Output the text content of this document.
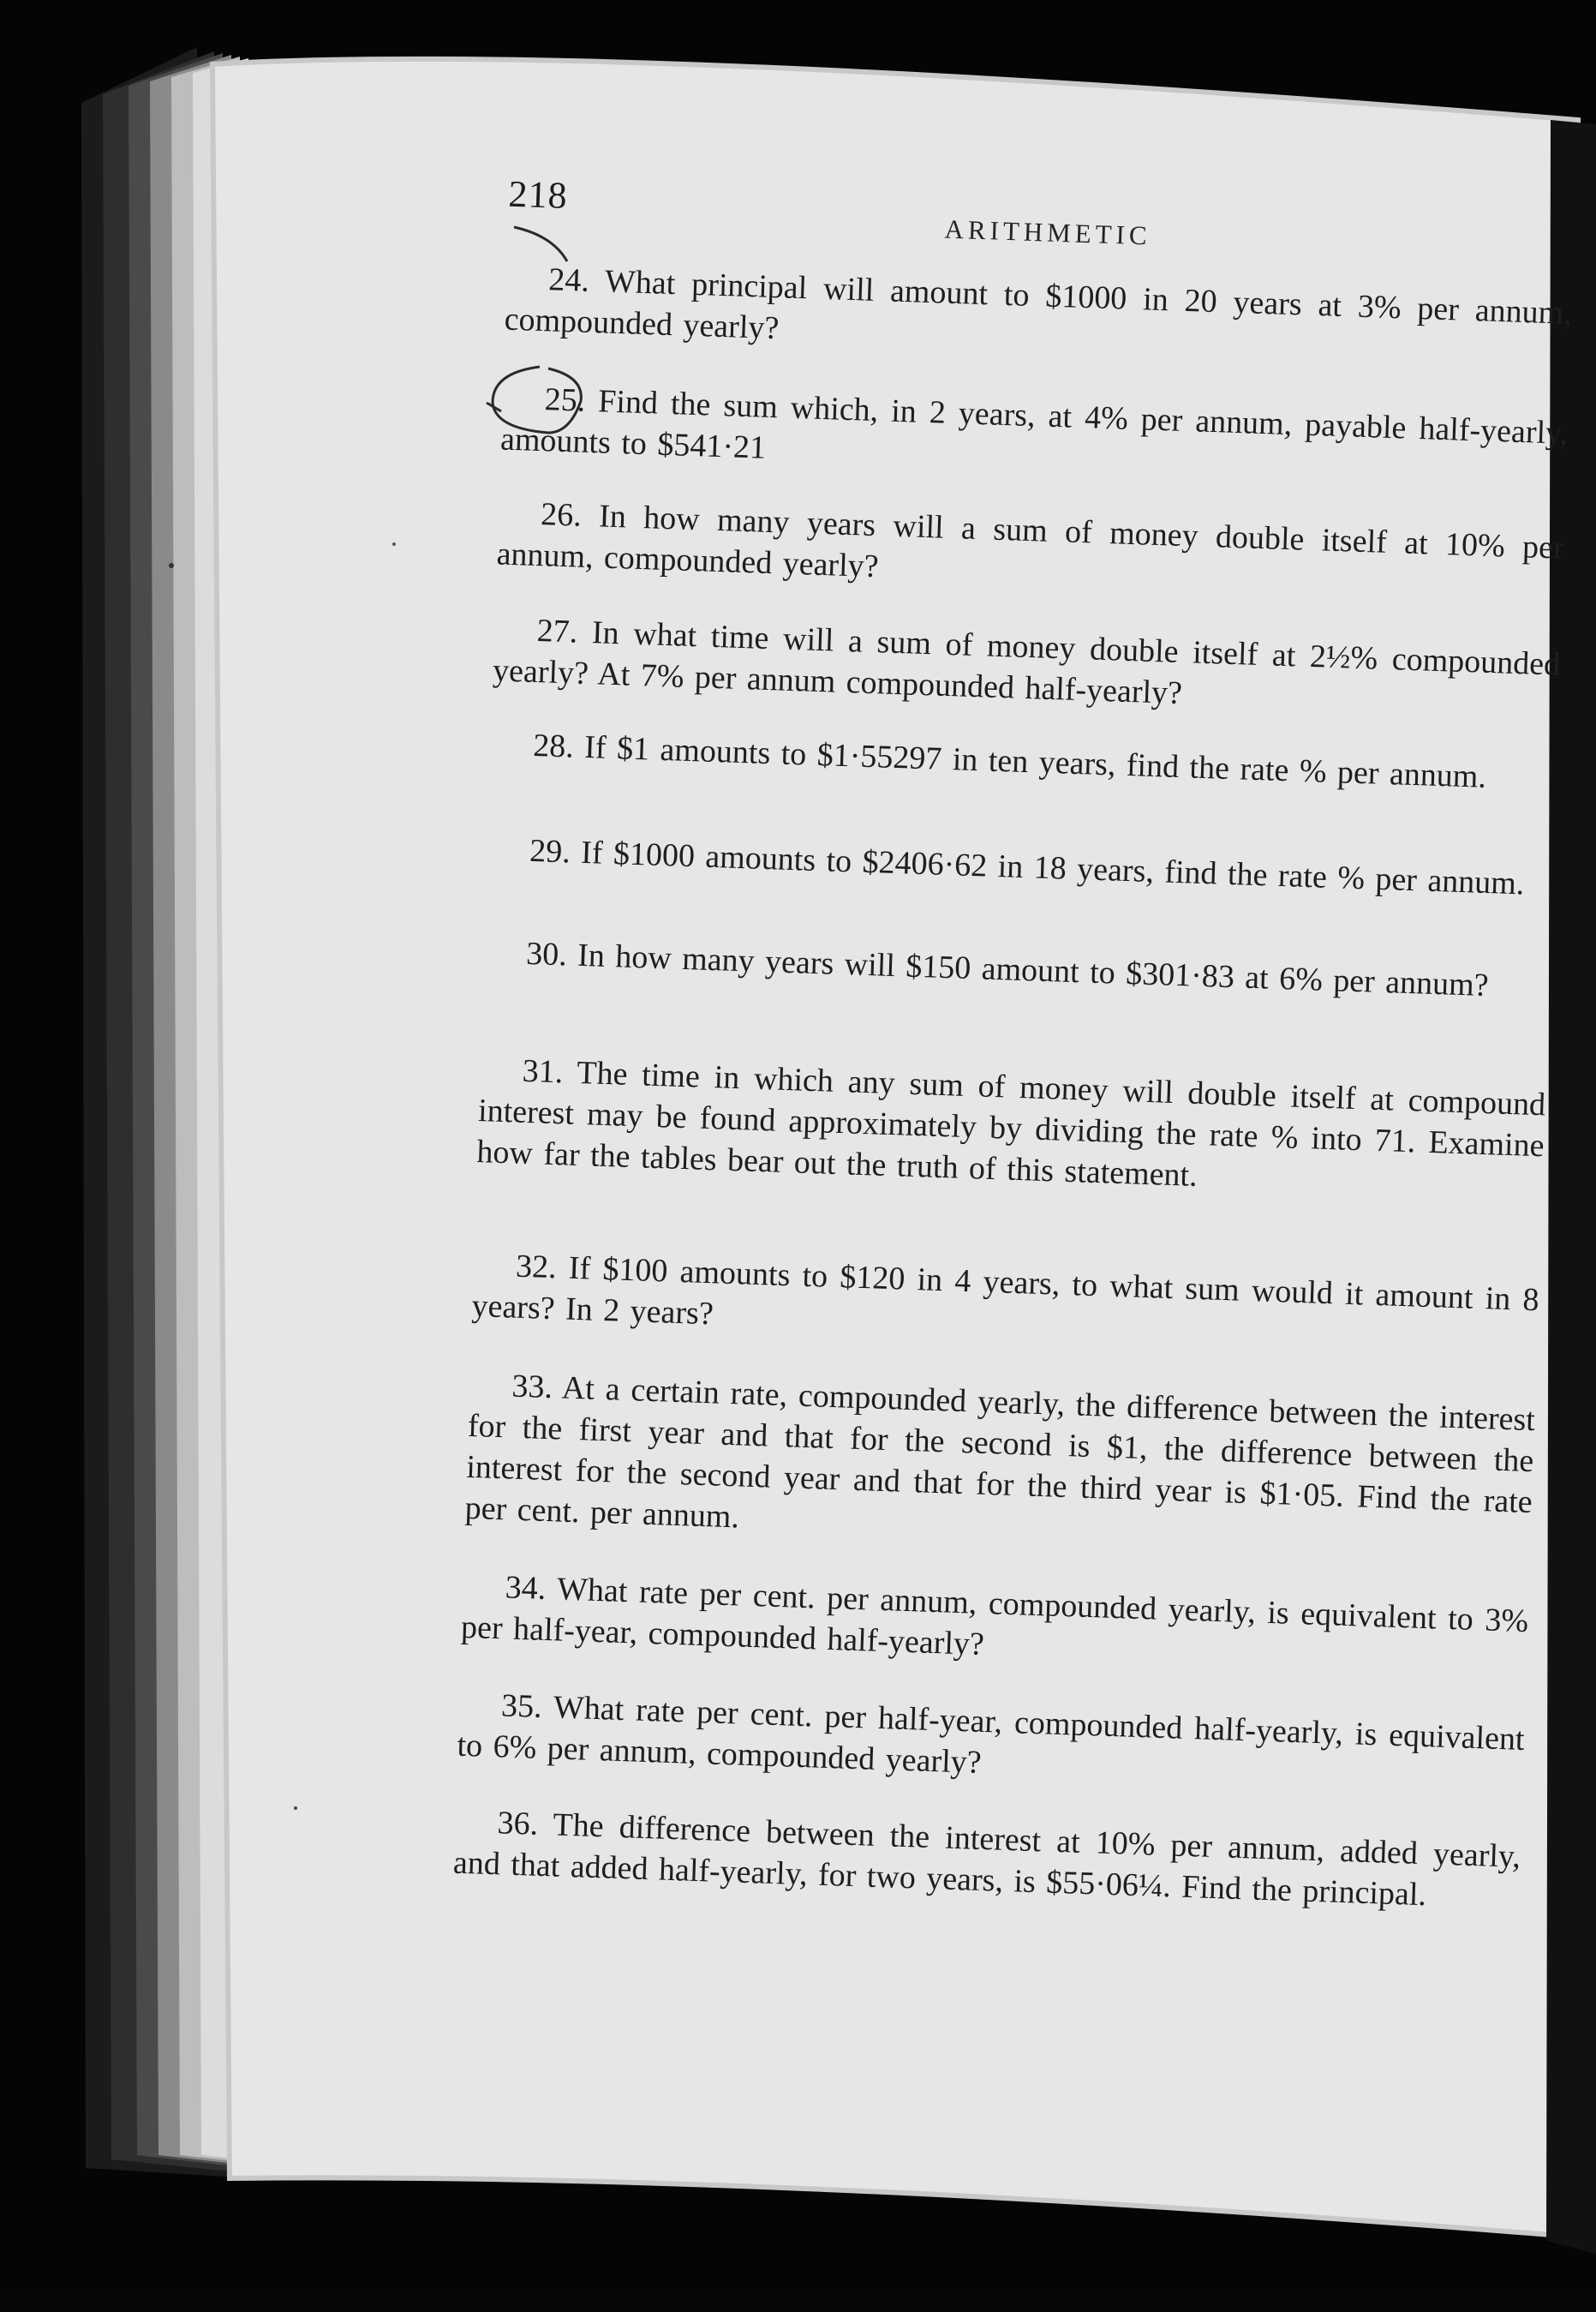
218
ARITHMETIC
24. What principal will amount to $1000 in 20 years at 3% per annum, compounded yearly?
25. Find the sum which, in 2 years, at 4% per annum, payable half-yearly, amounts to $541·21
26. In how many years will a sum of money double itself at 10% per annum, compounded yearly?
27. In what time will a sum of money double itself at 2½% compounded yearly? At 7% per annum compounded half-yearly?
28. If $1 amounts to $1·55297 in ten years, find the rate % per annum.
29. If $1000 amounts to $2406·62 in 18 years, find the rate % per annum.
30. In how many years will $150 amount to $301·83 at 6% per annum?
31. The time in which any sum of money will double itself at compound interest may be found approximately by dividing the rate % into 71. Examine how far the tables bear out the truth of this statement.
32. If $100 amounts to $120 in 4 years, to what sum would it amount in 8 years? In 2 years?
33. At a certain rate, compounded yearly, the difference between the interest for the first year and that for the second is $1, the difference between the interest for the second year and that for the third year is $1·05. Find the rate per cent. per annum.
34. What rate per cent. per annum, compounded yearly, is equivalent to 3% per half-year, compounded half-yearly?
35. What rate per cent. per half-year, compounded half-yearly, is equivalent to 6% per annum, compounded yearly?
36. The difference between the interest at 10% per annum, added yearly, and that added half-yearly, for two years, is $55·06¼. Find the principal.
